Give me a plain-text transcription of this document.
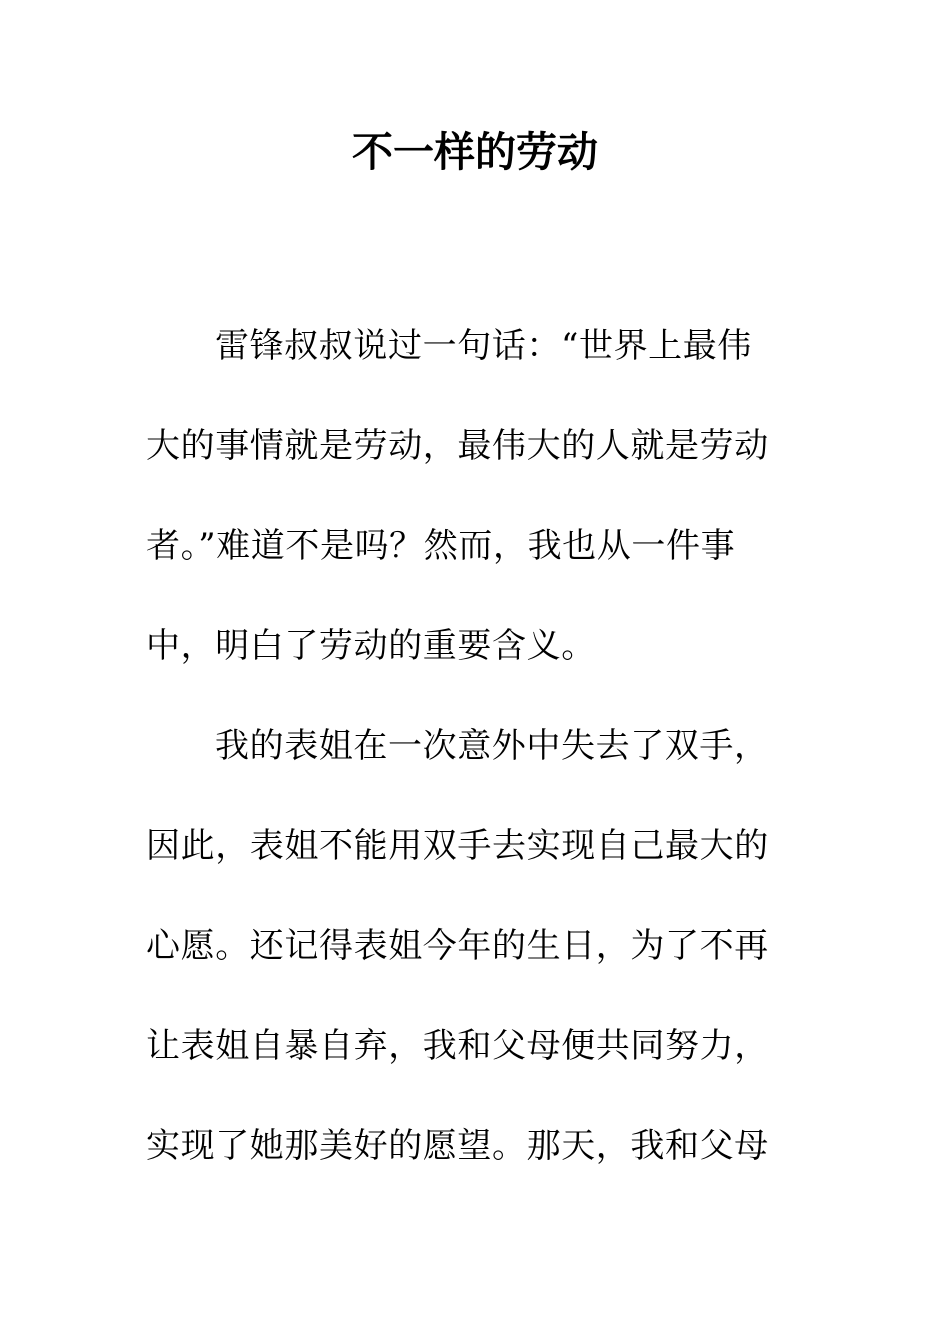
不一样的劳动
雷锋叔叔说过一句话：“世界上最伟
大的事情就是劳动，最伟大的人就是劳动
者。”难道不是吗？然而，我也从一件事
中，明白了劳动的重要含义。
我的表姐在一次意外中失去了双手，
因此，表姐不能用双手去实现自己最大的
心愿。还记得表姐今年的生日，为了不再
让表姐自暴自弃，我和父母便共同努力，
实现了她那美好的愿望。那天，我和父母
